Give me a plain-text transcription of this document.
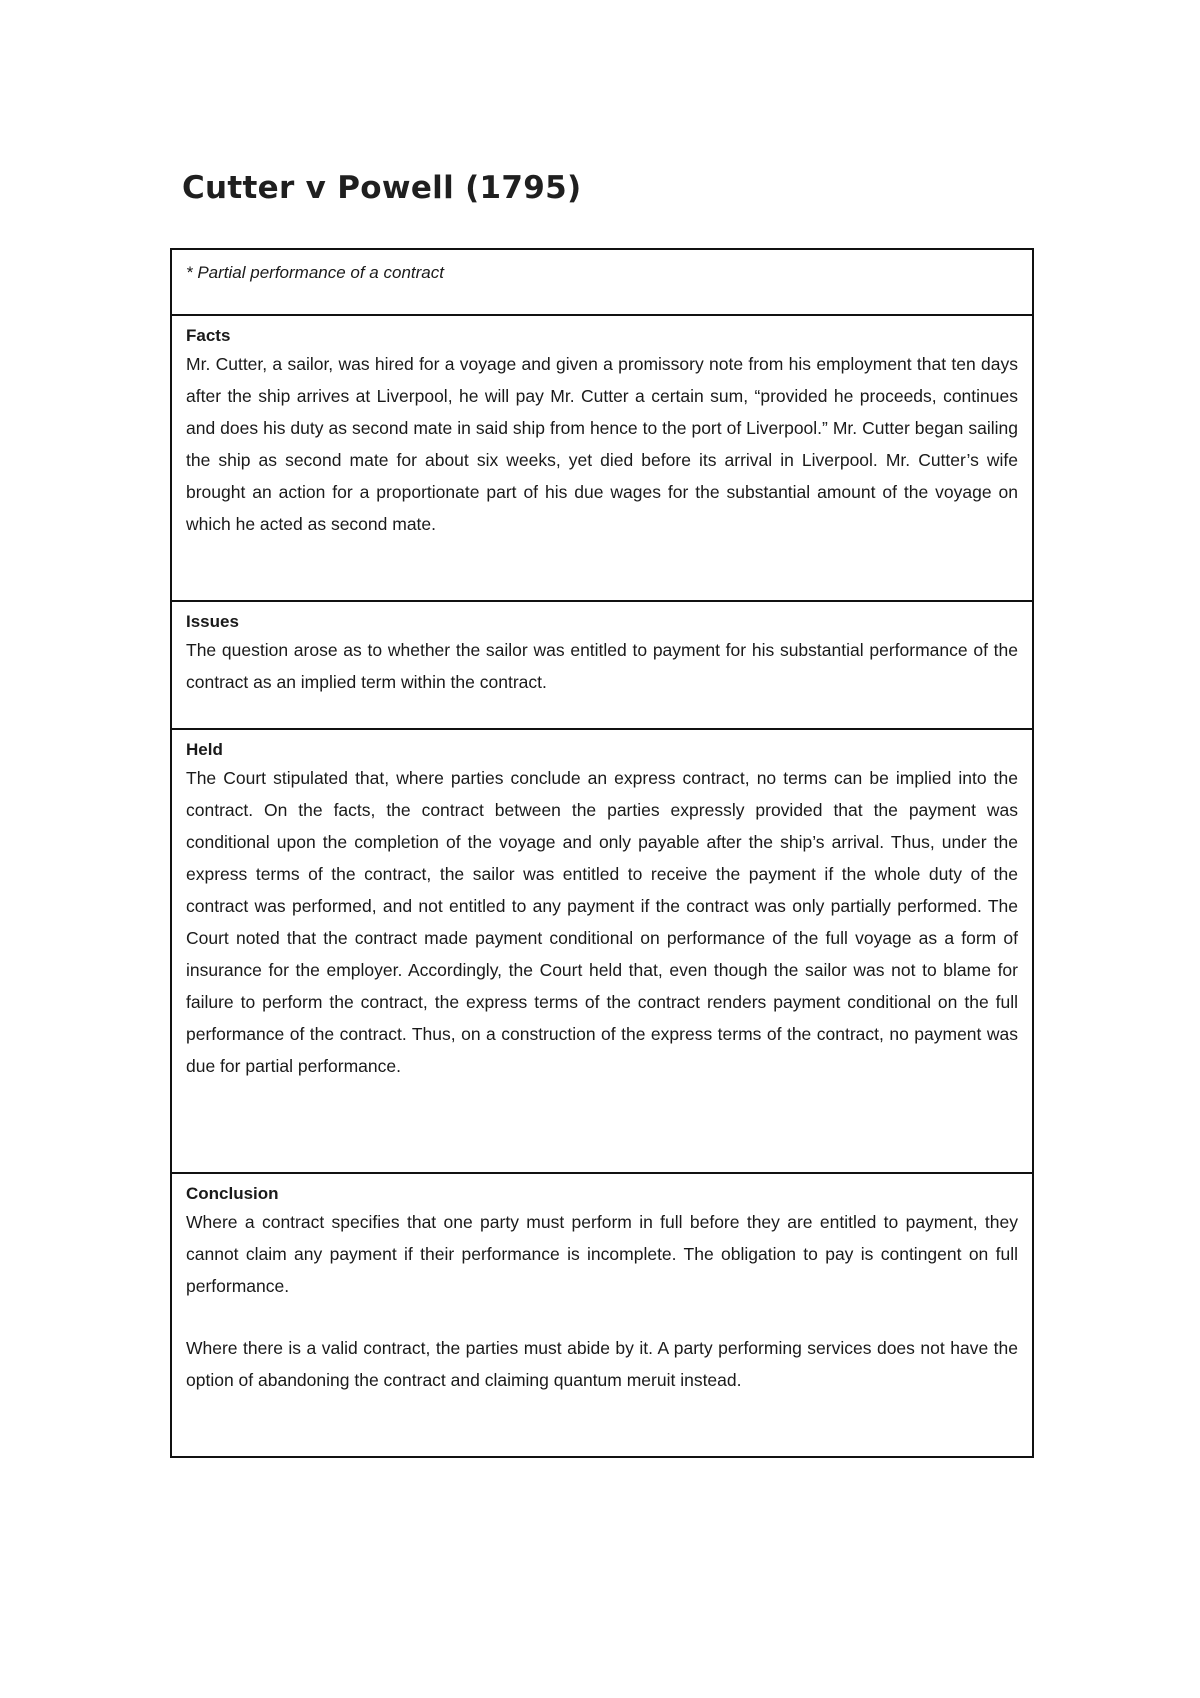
Cutter v Powell (1795)
* Partial performance of a contract
Facts

Mr. Cutter, a sailor, was hired for a voyage and given a promissory note from his employment that ten days after the ship arrives at Liverpool, he will pay Mr. Cutter a certain sum, “provided he proceeds, continues and does his duty as second mate in said ship from hence to the port of Liverpool.” Mr. Cutter began sailing the ship as second mate for about six weeks, yet died before its arrival in Liverpool. Mr. Cutter’s wife brought an action for a proportionate part of his due wages for the substantial amount of the voyage on which he acted as second mate.

Issues

The question arose as to whether the sailor was entitled to payment for his substantial performance of the contract as an implied term within the contract.

Held

The Court stipulated that, where parties conclude an express contract, no terms can be implied into the contract. On the facts, the contract between the parties expressly provided that the payment was conditional upon the completion of the voyage and only payable after the ship’s arrival. Thus, under the express terms of the contract, the sailor was entitled to receive the payment if the whole duty of the contract was performed, and not entitled to any payment if the contract was only partially performed. The Court noted that the contract made payment conditional on performance of the full voyage as a form of insurance for the employer. Accordingly, the Court held that, even though the sailor was not to blame for failure to perform the contract, the express terms of the contract renders payment conditional on the full performance of the contract. Thus, on a construction of the express terms of the contract, no payment was due for partial performance.

Conclusion

Where a contract specifies that one party must perform in full before they are entitled to payment, they cannot claim any payment if their performance is incomplete. The obligation to pay is contingent on full performance.

Where there is a valid contract, the parties must abide by it. A party performing services does not have the option of abandoning the contract and claiming quantum meruit instead.
